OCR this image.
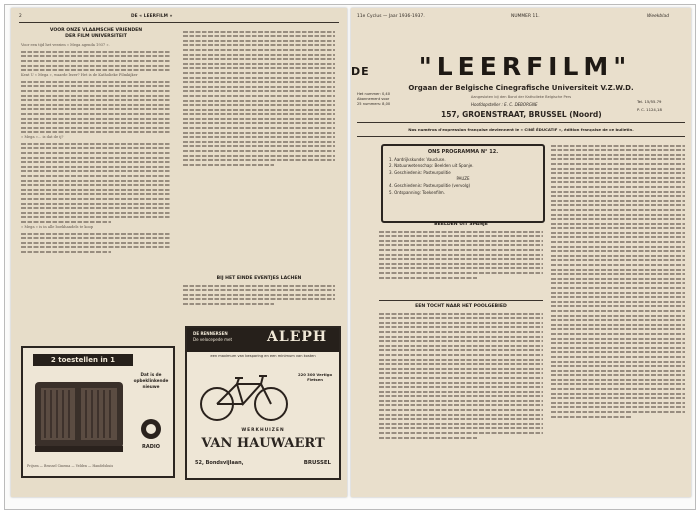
2	DE « LEERFILM »
VOOR ONZE VLAAMSCHE VRIENDEN
DER FILM UNIVERSITEIT
Voor een tijd het verzien « Mega agenda 1937 ».
Kent U « Mega », waarde lezer? Het is de Katholieke Filmkijker
« Mega »... is dat de ij?
« Mega » is in alle boekhandels te koop
BIJ HET EINDE EVENTJES LACHEN
2 toestellen in 1
Dat is de opbeklinkende nieuwe
RADIO
Prijsen — Brussel Cinema — Velden — Handelshuis
DE RENNERSEN
De velocepede met ALEPH
een maximum van besparing en een minimum van kosten
220 300 Vertigo Fietsen
WERKHUIZEN
VAN HAUWAERT
52, Bondsvijlaan,	BRUSSEL
11e Cyclus — Jaar 1936-1937.	NUMMER 11.	Weekblad
DE "LEERFILM"
Orgaan der Belgische Cinegrafische Universiteit V.Z.W.D.
Aangesloten bij den Bond der Katholieke Belgische Pers
Het nummer: 0,40
Abonnement voor
25 nummers: 8,00	Hoofdopsteller : E. C. DEBORGNE
157, GROENSTRAAT, BRUSSEL (Noord)
Tel. 15/55.79
P. C. 1124,18
Nos numéros d'expression française deviennent le « CINÉ ÉDUCATIF », édition française de ce bulletin.
ONS PROGRAMMA N° 12.
1. Aardrijkskunde: Vaucluse.
2. Natuurwetenschap: Beelden uit Spanje.
3. Geschiedenis: Pasteurpolitie
PAUZE
4. Geschiedenis: Pasteurpolitie (vervolg)
5. Ontspanning: Toekenfilm.
BEELDEN UIT SPANJE
EEN TOCHT NAAR HET POOLGEBIED
